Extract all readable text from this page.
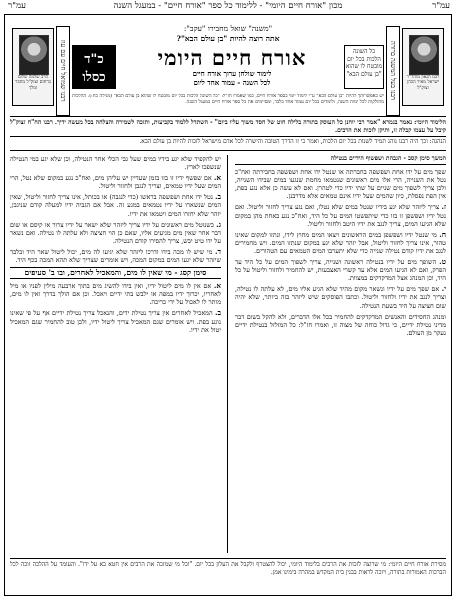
עמ"ר
מכון "אורח חיים היומי" - ללימוד כל ספר "אורח חיים" - במעגל השנה
עמ"ר
רבנו הגאון מוהר"ר ישראל מאיר הכהן זצוק"ל
רבנו בעל המשנה ברורה
הרב שלמה שלום ברחום זצוק"ל מחבר ומלך	רבנו שמואל חיים עם עוז
"משנה" שואל מחבירו "עקב":
אתה רוצה להיות "בן עולם הבא"?
כל השונה הלכות בכל יום מובטח לו שהוא "בן עולם הבא"
אורח חיים היומי
לימוד שולחן ערוך אורח חיים
לכל השנה - עמוד אחד ליום
כ"ד כסלו
יש באפשרותך להיות "בן עולם הבא" ע"י לימוד יומי בספר אורח חיים, כמו שאמרו חז"ל: "כל השונה הלכות בכל יום מובטח לו שהוא בן עולם הבא" (מגילה כח:). ההלכות מחולקות לכל ימות השנה, ולומדים בכל יום עמוד אחד בלבד, ומסיימים את כל ספר אורח חיים במעגל השנה.
הלימוד היומי: נאמר בגמרא "אמר רבי יוחנן כל העוסק בתורה בלילה חוט של חסד משוך עליו ביום" - השתדל ללמוד בקביעות, ותזכה לשמירה והצלחה בכל מעשה ידיך. רבנו הח"ח זצוק"ל קיבל על עצמו קבלה זו, ותיקן לזכות את הרבים.
הנהגה: וכך היה רבנו נוהג תמיד לשנות בכל יום הלכות, ואמר כי זו הדרך הטובה והישרה לכל אדם מישראל לזכות להיות בן עולם הבא.
המשך סימן קסב - הגבהת ושפשוף הידיים בנטילה

שפך מים על ידו אחת ושפשפה בחברתה או שנטל ידו אחת ושפשפה בחבירתה ואח"כ נטל את השנייה, הרי אלו מים ראשונים שנטמאו מחמת שנגעו במים שבידו השנייה, ולכן צריך לשפוך מים שניים על שתי ידיו כדי לטהרן. ואם לא עשה כן אלא נגע בפת, אין הפת נפסלת, כיון שהמים שעל ידיו אינם טמאים אלא מדרבנן.

ז. צריך ליזהר שלא יגע בידיו שנטל במים שלא נטלו, ואם נגע צריך לחזור וליטול. ואם נטל ידיו ושפשפן זו בזו כדי שיתפשטו המים על כל היד, ואח"כ נגע באחת מהן במקום שלא הגיעו המים, צריך לנגב את ידיו היטב ולחזור וליטול.

ח. מי שנטל ידיו ושפשפן במים הראשונים ויצאו המים מחוץ לידו, ונתזו למקום שאינו טהור, אינו צריך לחזור וליטול, אבל יזהר שלא יגע במקום שנתזו המים. ויש מחמירים לנגב את ידיו קודם נטילה שנייה כדי שלא יתערבו המים הטמאים עם הטהורים.

ט. השופך מים על ידיו בנטילה ראשונה ושנייה, צריך לשפוך המים על כל היד עד הפרק, ואם לא הגיעו המים אלא עד קשרי האצבעות, יש להחמיר ולחזור וליטול על כל היד, וכן המנהג אצל המדקדקים במצוות.

י. אם שפך מים על ידיו ונשאר מקום מהיד שלא הגיע אליו מים, לא עלתה לו נטילה, וצריך לנגב את ידיו ולחזור וליטול. וכתבו הפוסקים שיש ליזהר בזה ביותר, שלא יהיה שום חציצה על היד בשעת הנטילה.

ומנהג החסידים והאנשים המדקדקים להחמיר בכל אלו הדברים, ולא להקל בשום דבר מדיני נטילת ידיים, כי גדול כוחה של מצוה זו, ואמרו חז"ל: כל המזלזל בנטילת ידיים נעקר מן העולם.

יש להקפיד שלא יגע בידיו במים שעל גבי הכלי אחר הנטילה, וכן שלא יגע במי הנטילה שנשפכו לארץ.

א. אם שפשף ידיו זו בזו בזמן שעדיין יש עליהן מים, ואח"כ נגע במקום שלא נטל, הרי המים שעל ידיו טמאים, וצריך לנגבן ולחזור וליטול.

ב. נטל ידו אחת ושפשפה בראשו (כדי לנגבה) או בכותל, אינו צריך לחזור וליטול, שאין המים שנשארו על ידיו נטמאים במגע זה. אבל אם הגביה ידיו למעלה קודם שניגבן, יזהר שלא יחזרו המים ויטמאו את ידיו.

ג. כשנוטל מים ראשונים על ידיו צריך ליזהר שלא ישאר על ידיו צרור או קיסם או שום דבר אחר שאין מים מגיעים אליו, שאם כן הוי חציצה ולא עלתה לו נטילה. ואם נשאר על ידו טיט יבש, צריך להסירו קודם הנטילה.

ד. מי שיש לו מכה בידו ודרכו ליזהר שלא יגיעו לה מים, יכול ליטול שאר היד ובלבד שיזהר שלא יגעו המים במקום המכה, ויש אומרים שצריך שלא תהא המכה בכף היד.

סימן קסג - מי שאין לו מים, והמאכיל לאחרים, ובו ב' סעיפים

א. אם אין לו מים ליטול ידיו, ואין בידו להשיג מים בתוך ארבעה מילין לפניו או מיל לאחריו, יכרוך ידיו במפה או ילבש בתי ידיים ויאכל. וכן אם הולך בדרך ואין לו מים, מותר לו לאכול על ידי כריכה.

ב. המאכיל לאחרים אין צריך נטילת ידים, והנאכל צריך נטילת ידיים אף על פי שאינו נוגע בפת. ויש אומרים שגם המאכיל צריך ליטול ידיו, ולכן טוב להחמיר שגם המאכיל יטול את ידיו.

מסירת אורח חיים היומי: מי שרוצה לזכות את הרבים בלימוד היומי, יכול להצטרף ולקבל את העלון בכל יום. "וכל מי שמזכה את הרבים אין חטא בא על ידו". והעומד על ההלכה זוכה לכל הברכות האמורות בתורה, ויזכה לראות בבנין בית המקדש במהרה בימינו אמן.
